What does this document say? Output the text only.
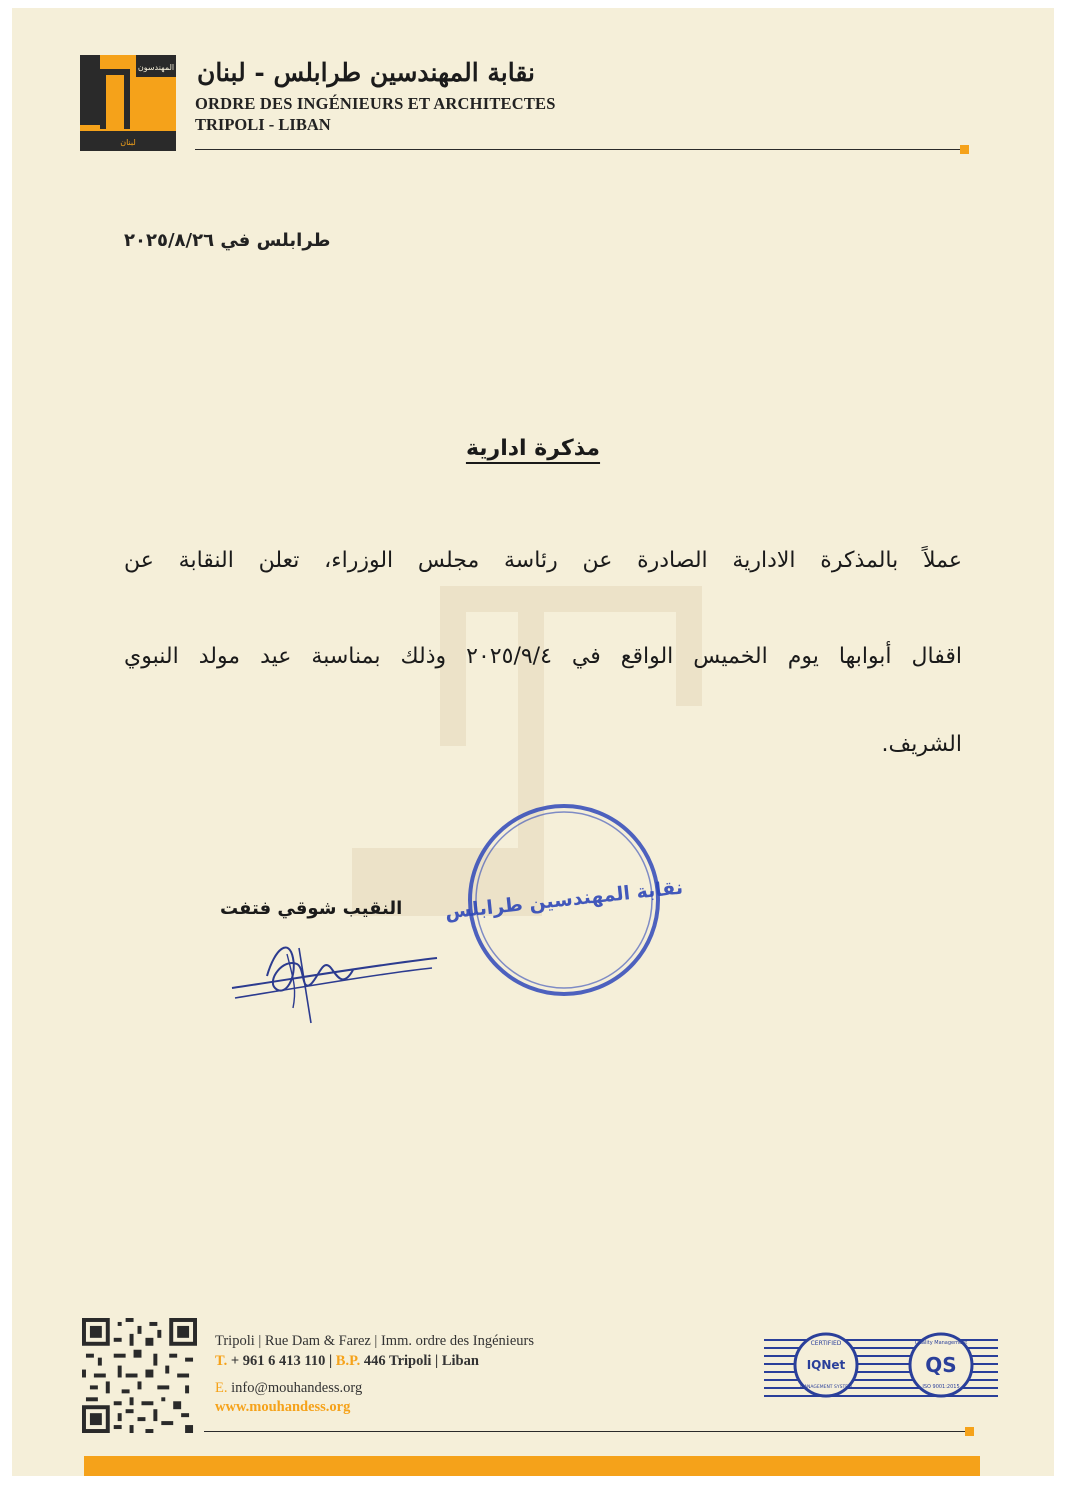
المهندسون
لبنان
نقابة المهندسين طرابلس - لبنان
ORDRE DES INGÉNIEURS ET ARCHITECTES
TRIPOLI - LIBAN
طرابلس في ٢٠٢٥/٨/٢٦
مذكرة ادارية
عملاً بالمذكرة الادارية الصادرة عن رئاسة مجلس الوزراء، تعلن النقابة عن
اقفال أبوابها يوم الخميس الواقع في ٢٠٢٥/٩/٤ وذلك بمناسبة عيد مولد النبوي
الشريف.
نقابة المهندسين طرابلس
النقيب شوقي فتفت
Tripoli | Rue Dam & Farez | Imm. ordre des Ingénieurs
T. + 961 6 413 110 | B.P. 446 Tripoli | Liban
E. info@mouhandess.org
www.mouhandess.org
CERTIFIED
IQNet
MANAGEMENT SYSTEM
Quality Management
QS
ISO 9001:2015
